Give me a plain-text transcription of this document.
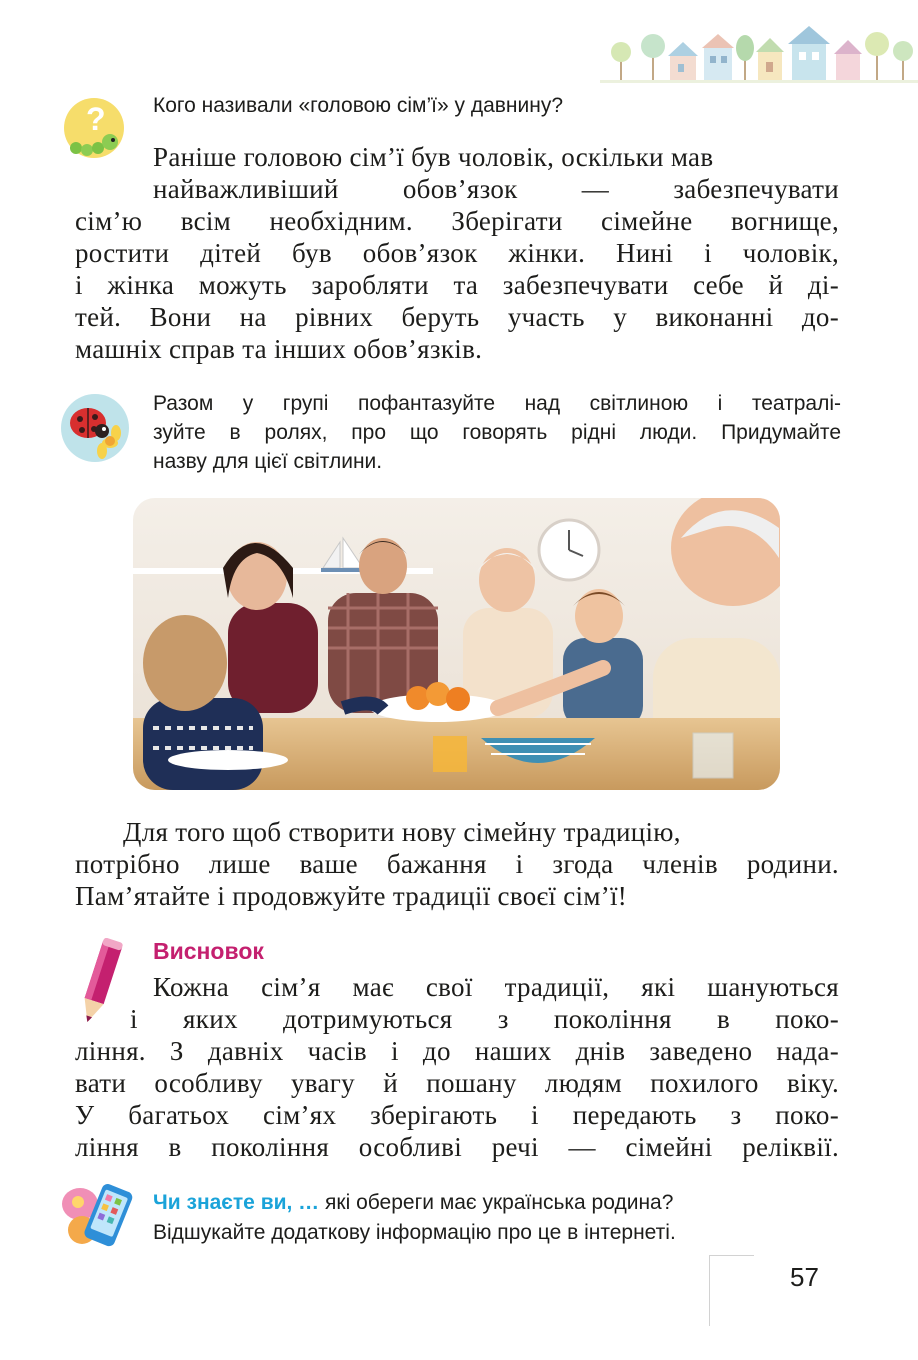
? Кого називали «головою сім’ї» у давнину?

Раніше головою сім’ї був чоловік, оскільки мав

найважливіший обов’язок — забезпечувати

сім’ю всім необхідним. Зберігати сімейне вогнище,

ростити дітей був обов’язок жінки. Нині і чоловік,

і жінка можуть заробляти та забезпечувати себе й ді-

тей. Вони на рівних беруть участь у виконанні до-

машніх справ та інших обов’язків.

Разом у групі пофантазуйте над світлиною і театралі-
зуйте в ролях, про що говорять рідні люди. Придумайте
назву для цієї світлини.

Для того щоб створити нову сімейну традицію,

потрібно лише ваше бажання і згода членів родини.

Пам’ятайте і продовжуйте традиції своєї сім’ї!

Висновок

Кожна сім’я має свої традиції, які шануються

і яких дотримуються з покоління в поко-

ління. З давніх часів і до наших днів заведено нада-

вати особливу увагу й пошану людям похилого віку.

У багатьох сім’ях зберігають і передають з поко-

ління в покоління особливі речі — сімейні реліквії.

Чи знаєте ви, … які обереги має українська родина?
Відшукайте додаткову інформацію про це в інтернеті.

57
